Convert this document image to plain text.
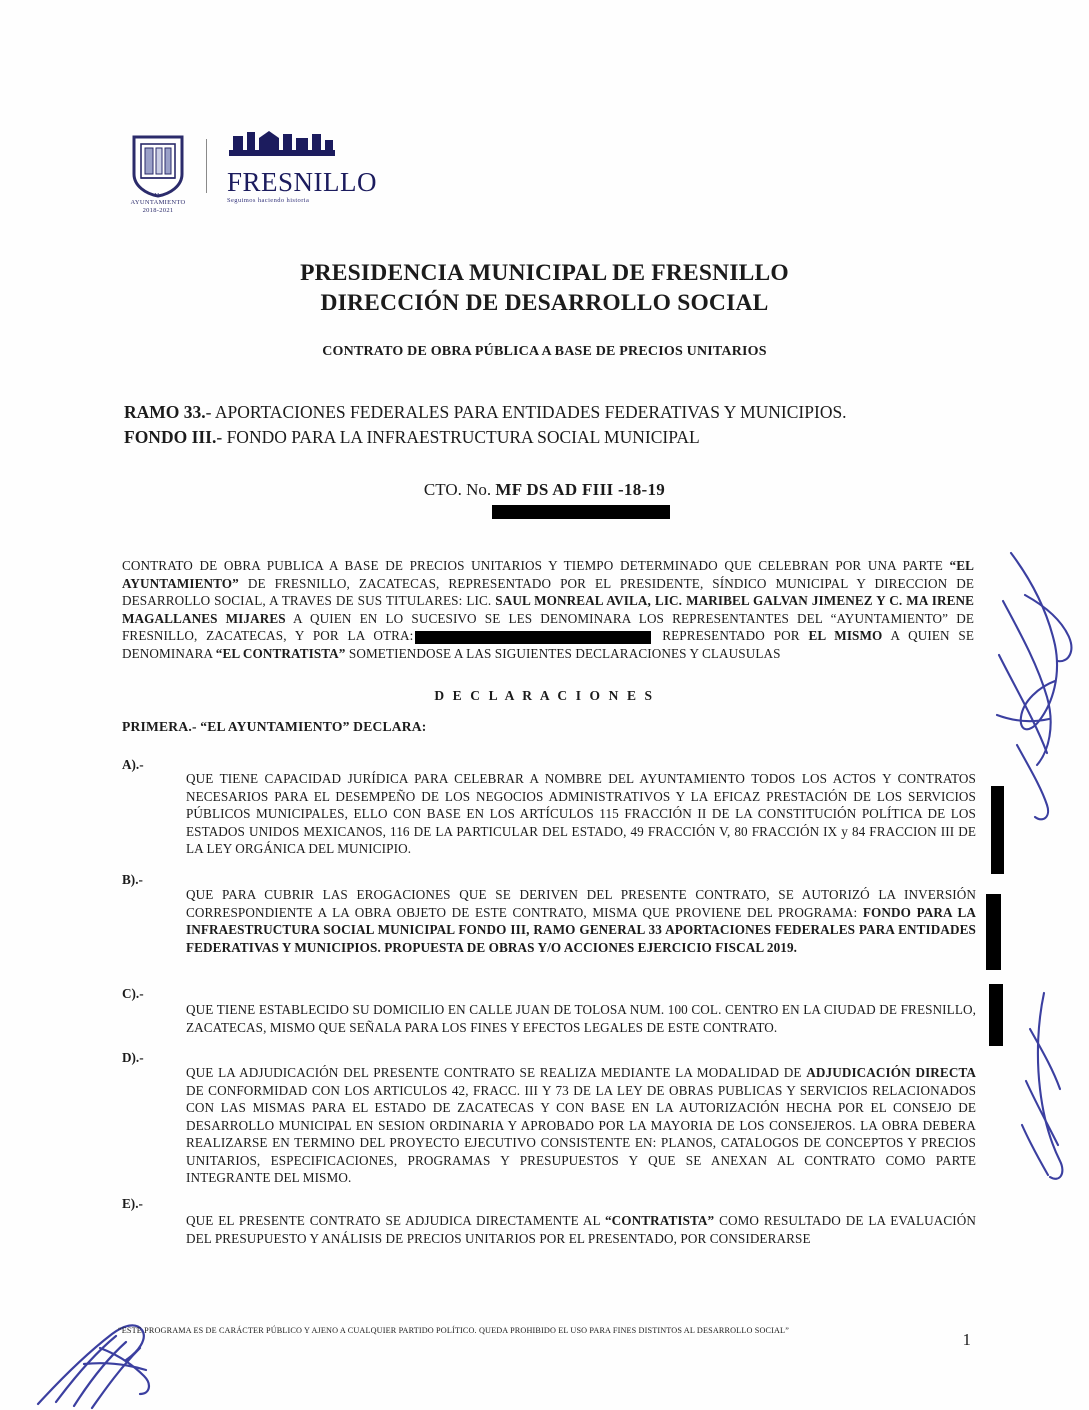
H. AYUNTAMIENTO
2018-2021
FRESNILLO
Seguimos haciendo historia
PRESIDENCIA MUNICIPAL DE FRESNILLO
DIRECCIÓN DE DESARROLLO SOCIAL
CONTRATO DE OBRA PÚBLICA A BASE DE PRECIOS UNITARIOS
RAMO 33.- APORTACIONES FEDERALES PARA ENTIDADES FEDERATIVAS Y MUNICIPIOS.
FONDO III.- FONDO PARA LA INFRAESTRUCTURA SOCIAL MUNICIPAL
CTO. No. MF DS AD FIII -18-19
CONTRATO DE OBRA PUBLICA A BASE DE PRECIOS UNITARIOS Y TIEMPO DETERMINADO QUE CELEBRAN POR UNA PARTE “EL AYUNTAMIENTO” DE FRESNILLO, ZACATECAS, REPRESENTADO POR EL PRESIDENTE, SÍNDICO MUNICIPAL Y DIRECCION DE DESARROLLO SOCIAL, A TRAVES DE SUS TITULARES: LIC. SAUL MONREAL AVILA, LIC. MARIBEL GALVAN JIMENEZ Y C. MA IRENE MAGALLANES MIJARES A QUIEN EN LO SUCESIVO SE LES DENOMINARA LOS REPRESENTANTES DEL “AYUNTAMIENTO” DE FRESNILLO, ZACATECAS, Y POR LA OTRA:	REPRESENTADO POR EL MISMO A QUIEN SE DENOMINARA “EL CONTRATISTA” SOMETIENDOSE A LAS SIGUIENTES DECLARACIONES Y CLAUSULAS
D E C L A R A C I O N E S
PRIMERA.- “EL AYUNTAMIENTO” DECLARA:
A).-
QUE TIENE CAPACIDAD JURÍDICA PARA CELEBRAR A NOMBRE DEL AYUNTAMIENTO TODOS LOS ACTOS Y CONTRATOS NECESARIOS PARA EL DESEMPEÑO DE LOS NEGOCIOS ADMINISTRATIVOS Y LA EFICAZ PRESTACIÓN DE LOS SERVICIOS PÚBLICOS MUNICIPALES, ELLO CON BASE EN LOS ARTÍCULOS 115 FRACCIÓN II DE LA CONSTITUCIÓN POLÍTICA DE LOS ESTADOS UNIDOS MEXICANOS, 116 DE LA PARTICULAR DEL ESTADO, 49 FRACCIÓN V, 80 FRACCIÓN IX y 84 FRACCION III DE LA LEY ORGÁNICA DEL MUNICIPIO.
B).-
QUE PARA CUBRIR LAS EROGACIONES QUE SE DERIVEN DEL PRESENTE CONTRATO, SE AUTORIZÓ LA INVERSIÓN CORRESPONDIENTE A LA OBRA OBJETO DE ESTE CONTRATO, MISMA QUE PROVIENE DEL PROGRAMA: FONDO PARA LA INFRAESTRUCTURA SOCIAL MUNICIPAL FONDO III, RAMO GENERAL 33 APORTACIONES FEDERALES PARA ENTIDADES FEDERATIVAS Y MUNICIPIOS. PROPUESTA DE OBRAS Y/O ACCIONES EJERCICIO FISCAL 2019.
C).-
QUE TIENE ESTABLECIDO SU DOMICILIO EN CALLE JUAN DE TOLOSA NUM. 100 COL. CENTRO EN LA CIUDAD DE FRESNILLO, ZACATECAS, MISMO QUE SEÑALA PARA LOS FINES Y EFECTOS LEGALES DE ESTE CONTRATO.
D).-
QUE LA ADJUDICACIÓN DEL PRESENTE CONTRATO SE REALIZA MEDIANTE LA MODALIDAD DE ADJUDICACIÓN DIRECTA DE CONFORMIDAD CON LOS ARTICULOS 42, FRACC. III Y 73 DE LA LEY DE OBRAS PUBLICAS Y SERVICIOS RELACIONADOS CON LAS MISMAS PARA EL ESTADO DE ZACATECAS Y CON BASE EN LA AUTORIZACIÓN HECHA POR EL CONSEJO DE DESARROLLO MUNICIPAL EN SESION ORDINARIA Y APROBADO POR LA MAYORIA DE LOS CONSEJEROS. LA OBRA DEBERA REALIZARSE EN TERMINO DEL PROYECTO EJECUTIVO CONSISTENTE EN: PLANOS, CATALOGOS DE CONCEPTOS Y PRECIOS UNITARIOS, ESPECIFICACIONES, PROGRAMAS Y PRESUPUESTOS Y QUE SE ANEXAN AL CONTRATO COMO PARTE INTEGRANTE DEL MISMO.
E).-
QUE EL PRESENTE CONTRATO SE ADJUDICA DIRECTAMENTE AL “CONTRATISTA” COMO RESULTADO DE LA EVALUACIÓN DEL PRESUPUESTO Y ANÁLISIS DE PRECIOS UNITARIOS POR EL PRESENTADO, POR CONSIDERARSE
“ESTE PROGRAMA ES DE CARÁCTER PÚBLICO Y AJENO A CUALQUIER PARTIDO POLÍTICO. QUEDA PROHIBIDO EL USO PARA FINES DISTINTOS AL DESARROLLO SOCIAL”	1
